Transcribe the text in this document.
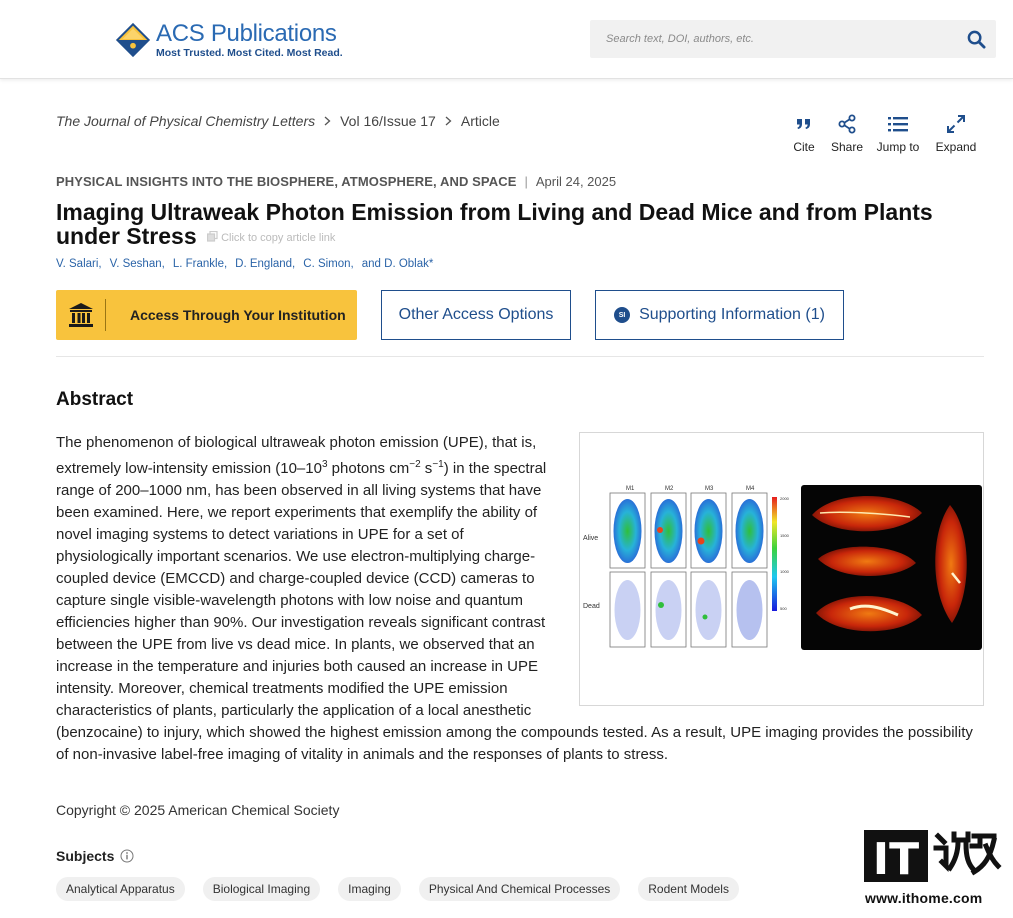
ACS Publications
Most Trusted. Most Cited. Most Read.
Search text, DOI, authors, etc.
The Journal of Physical Chemistry Letters Vol 16/Issue 17 Article
Cite Share Jump to Expand
PHYSICAL INSIGHTS INTO THE BIOSPHERE, ATMOSPHERE, AND SPACE | April 24, 2025
Imaging Ultraweak Photon Emission from Living and Dead Mice and from Plants under Stress Click to copy article link
V. Salari, V. Seshan, L. Frankle, D. England, C. Simon, and D. Oblak*
Access Through Your Institution	Other Access Options	SI Supporting Information (1)
Abstract
M1	M2	M3	M4
Alive
Dead
2000
1500
1000
500
The phenomenon of biological ultraweak photon emission (UPE), that is, extremely low-intensity emission ($10-10^3$ photons $cm^{-2}$ $s^{-1}$) in the spectral range of 200–1000 nm, has been observed in all living systems that have been examined. Here, we report experiments that exemplify the ability of novel imaging systems to detect variations in UPE for a set of physiologically important scenarios. We use electron-multiplying charge-coupled device (EMCCD) and charge-coupled device (CCD) cameras to capture single visible-wavelength photons with low noise and quantum efficiencies higher than 90%. Our investigation reveals significant contrast between the UPE from live vs dead mice. In plants, we observed that an increase in the temperature and injuries both caused an increase in UPE intensity. Moreover, chemical treatments modified the UPE emission characteristics of plants, particularly the application of a local anesthetic (benzocaine) to injury, which showed the highest emission among the compounds tested. As a result, UPE imaging provides the possibility of non-invasive label-free imaging of vitality in animals and the responses of plants to stress.
Copyright © 2025 American Chemical Society
Subjects
Analytical Apparatus	Biological Imaging	Imaging	Physical And Chemical Processes	Rodent Models
IT
www.ithome.com
